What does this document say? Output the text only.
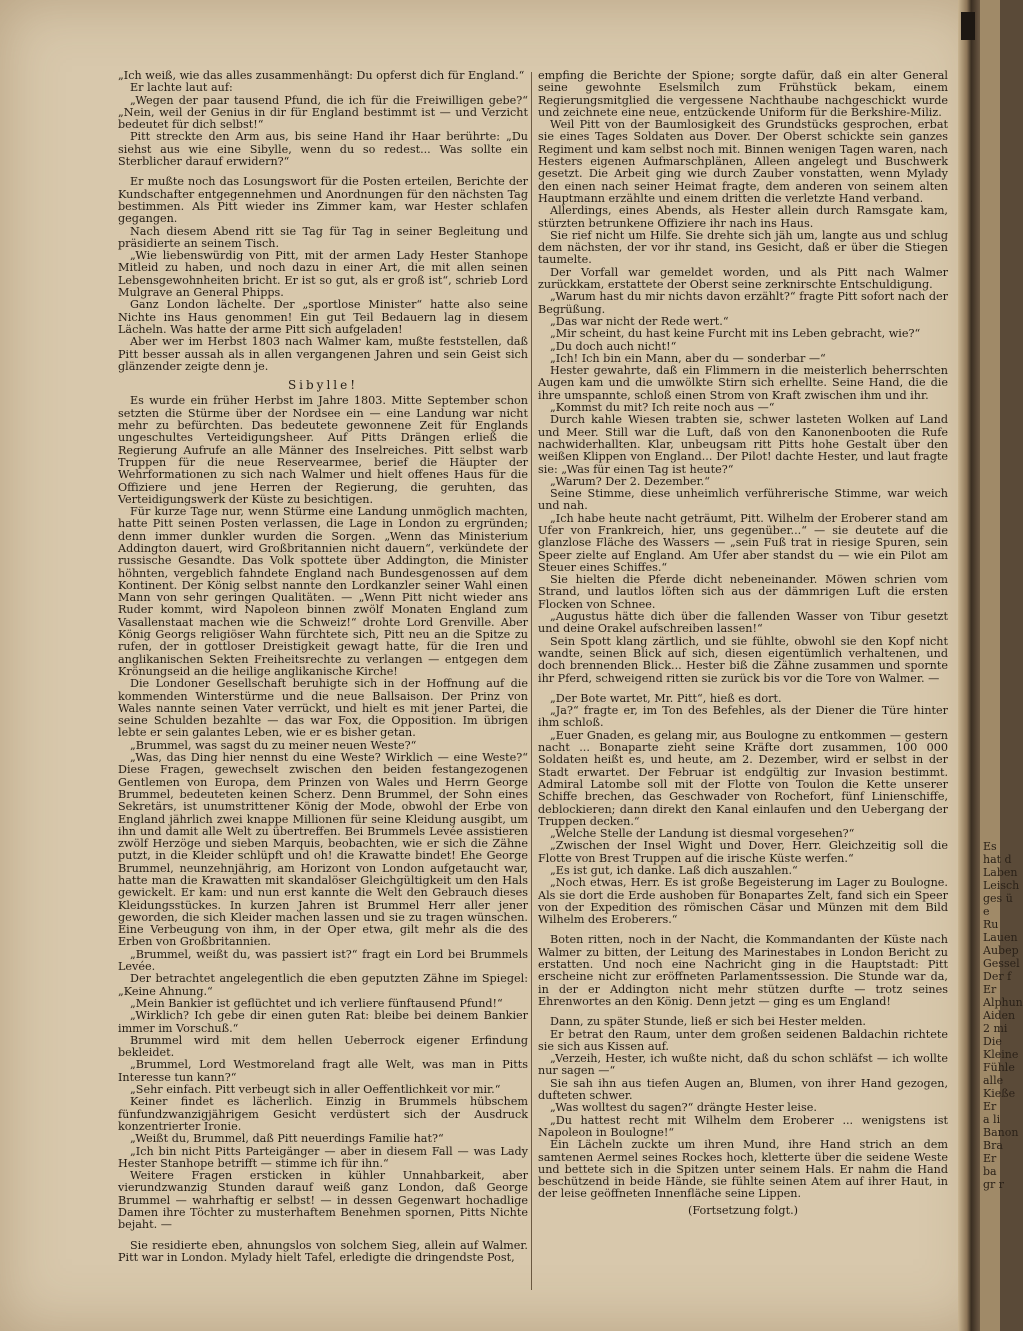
„Ich weiß, wie das alles zusammenhängt: Du opferst dich für England.“

Er lachte laut auf:

„Wegen der paar tausend Pfund, die ich für die Freiwilligen gebe?“ „Nein, weil der Genius in dir für England bestimmt ist — und Verzicht bedeutet für dich selbst!“

Pitt streckte den Arm aus, bis seine Hand ihr Haar berührte: „Du siehst aus wie eine Sibylle, wenn du so redest... Was sollte ein Sterblicher darauf erwidern?“

Er mußte noch das Losungswort für die Posten erteilen, Berichte der Kundschafter entgegennehmen und Anordnungen für den nächsten Tag bestimmen. Als Pitt wieder ins Zimmer kam, war Hester schlafen gegangen.

Nach diesem Abend ritt sie Tag für Tag in seiner Begleitung und präsidierte an seinem Tisch.

„Wie liebenswürdig von Pitt, mit der armen Lady Hester Stanhope Mitleid zu haben, und noch dazu in einer Art, die mit allen seinen Lebensgewohnheiten bricht. Er ist so gut, als er groß ist“, schrieb Lord Mulgrave an General Phipps.

Ganz London lächelte. Der „sportlose Minister“ hatte also seine Nichte ins Haus genommen! Ein gut Teil Bedauern lag in diesem Lächeln. Was hatte der arme Pitt sich aufgeladen!

Aber wer im Herbst 1803 nach Walmer kam, mußte feststellen, daß Pitt besser aussah als in allen vergangenen Jahren und sein Geist sich glänzender zeigte denn je.

Sibylle!

Es wurde ein früher Herbst im Jahre 1803. Mitte September schon setzten die Stürme über der Nordsee ein — eine Landung war nicht mehr zu befürchten. Das bedeutete gewonnene Zeit für Englands ungeschultes Verteidigungsheer. Auf Pitts Drängen erließ die Regierung Aufrufe an alle Männer des Inselreiches. Pitt selbst warb Truppen für die neue Reservearmee, berief die Häupter der Wehrformationen zu sich nach Walmer und hielt offenes Haus für die Offiziere und jene Herren der Regierung, die geruhten, das Verteidigungswerk der Küste zu besichtigen.

Für kurze Tage nur, wenn Stürme eine Landung unmöglich machten, hatte Pitt seinen Posten verlassen, die Lage in London zu ergründen; denn immer dunkler wurden die Sorgen. „Wenn das Ministerium Addington dauert, wird Großbritannien nicht dauern“, verkündete der russische Gesandte. Das Volk spottete über Addington, die Minister höhnten, vergeblich fahndete England nach Bundesgenossen auf dem Kontinent. Der König selbst nannte den Lordkanzler seiner Wahl einen Mann von sehr geringen Qualitäten. — „Wenn Pitt nicht wieder ans Ruder kommt, wird Napoleon binnen zwölf Monaten England zum Vasallenstaat machen wie die Schweiz!“ drohte Lord Grenville. Aber König Georgs religiöser Wahn fürchtete sich, Pitt neu an die Spitze zu rufen, der in gottloser Dreistigkeit gewagt hatte, für die Iren und anglikanischen Sekten Freiheitsrechte zu verlangen — entgegen dem Krönungseid an die heilige anglikanische Kirche!

Die Londoner Gesellschaft beruhigte sich in der Hoffnung auf die kommenden Winterstürme und die neue Ballsaison. Der Prinz von Wales nannte seinen Vater verrückt, und hielt es mit jener Partei, die seine Schulden bezahlte — das war Fox, die Opposition. Im übrigen lebte er sein galantes Leben, wie er es bisher getan.

„Brummel, was sagst du zu meiner neuen Weste?“

„Was, das Ding hier nennst du eine Weste? Wirklich — eine Weste?“ Diese Fragen, gewechselt zwischen den beiden festangezogenen Gentlemen von Europa, dem Prinzen von Wales und Herrn George Brummel, bedeuteten keinen Scherz. Denn Brummel, der Sohn eines Sekretärs, ist unumstrittener König der Mode, obwohl der Erbe von England jährlich zwei knappe Millionen für seine Kleidung ausgibt, um ihn und damit alle Welt zu übertreffen. Bei Brummels Levée assistieren zwölf Herzöge und sieben Marquis, beobachten, wie er sich die Zähne putzt, in die Kleider schlüpft und oh! die Krawatte bindet! Ehe George Brummel, neunzehnjährig, am Horizont von London aufgetaucht war, hatte man die Krawatten mit skandalöser Gleichgültigkeit um den Hals gewickelt. Er kam: und nun erst kannte die Welt den Gebrauch dieses Kleidungsstückes. In kurzen Jahren ist Brummel Herr aller jener geworden, die sich Kleider machen lassen und sie zu tragen wünschen. Eine Verbeugung von ihm, in der Oper etwa, gilt mehr als die des Erben von Großbritannien.

„Brummel, weißt du, was passiert ist?“ fragt ein Lord bei Brummels Levée.

Der betrachtet angelegentlich die eben geputzten Zähne im Spiegel: „Keine Ahnung.“

„Mein Bankier ist geflüchtet und ich verliere fünftausend Pfund!“

„Wirklich? Ich gebe dir einen guten Rat: bleibe bei deinem Bankier immer im Vorschuß.“

Brummel wird mit dem hellen Ueberrock eigener Erfindung bekleidet.

„Brummel, Lord Westmoreland fragt alle Welt, was man in Pitts Interesse tun kann?“

„Sehr einfach. Pitt verbeugt sich in aller Oeffentlichkeit vor mir.“

Keiner findet es lächerlich. Einzig in Brummels hübschem fünfundzwanzigjährigem Gesicht verdüstert sich der Ausdruck konzentrierter Ironie.

„Weißt du, Brummel, daß Pitt neuerdings Familie hat?“

„Ich bin nicht Pitts Parteigänger — aber in diesem Fall — was Lady Hester Stanhope betrifft — stimme ich für ihn.“

Weitere Fragen ersticken in kühler Unnahbarkeit, aber vierundzwanzig Stunden darauf weiß ganz London, daß George Brummel — wahrhaftig er selbst! — in dessen Gegenwart hochadlige Damen ihre Töchter zu musterhaftem Benehmen spornen, Pitts Nichte bejaht. —

Sie residierte eben, ahnungslos von solchem Sieg, allein auf Walmer. Pitt war in London. Mylady hielt Tafel, erledigte die dringendste Post,

empfing die Berichte der Spione; sorgte dafür, daß ein alter General seine gewohnte Eselsmilch zum Frühstück bekam, einem Regierungsmitglied die vergessene Nachthaube nachgeschickt wurde und zeichnete eine neue, entzückende Uniform für die Berkshire-Miliz.

Weil Pitt von der Baumlosigkeit des Grundstücks gesprochen, erbat sie eines Tages Soldaten aus Dover. Der Oberst schickte sein ganzes Regiment und kam selbst noch mit. Binnen wenigen Tagen waren, nach Hesters eigenen Aufmarschplänen, Alleen angelegt und Buschwerk gesetzt. Die Arbeit ging wie durch Zauber vonstatten, wenn Mylady den einen nach seiner Heimat fragte, dem anderen von seinem alten Hauptmann erzählte und einem dritten die verletzte Hand verband.

Allerdings, eines Abends, als Hester allein durch Ramsgate kam, stürzten betrunkene Offiziere ihr nach ins Haus.

Sie rief nicht um Hilfe. Sie drehte sich jäh um, langte aus und schlug dem nächsten, der vor ihr stand, ins Gesicht, daß er über die Stiegen taumelte.

Der Vorfall war gemeldet worden, und als Pitt nach Walmer zurückkam, erstattete der Oberst seine zerknirschte Entschuldigung.

„Warum hast du mir nichts davon erzählt?“ fragte Pitt sofort nach der Begrüßung.

„Das war nicht der Rede wert.“

„Mir scheint, du hast keine Furcht mit ins Leben gebracht, wie?“

„Du doch auch nicht!“

„Ich! Ich bin ein Mann, aber du — sonderbar —“

Hester gewahrte, daß ein Flimmern in die meisterlich beherrschten Augen kam und die umwölkte Stirn sich erhellte. Seine Hand, die die ihre umspannte, schloß einen Strom von Kraft zwischen ihm und ihr.

„Kommst du mit? Ich reite noch aus —“

Durch kahle Wiesen trabten sie, schwer lasteten Wolken auf Land und Meer. Still war die Luft, daß von den Kanonenbooten die Rufe nachwiderhallten. Klar, unbeugsam ritt Pitts hohe Gestalt über den weißen Klippen von England... Der Pilot! dachte Hester, und laut fragte sie: „Was für einen Tag ist heute?“

„Warum? Der 2. Dezember.“

Seine Stimme, diese unheimlich verführerische Stimme, war weich und nah.

„Ich habe heute nacht geträumt, Pitt. Wilhelm der Eroberer stand am Ufer von Frankreich, hier, uns gegenüber...“ — sie deutete auf die glanzlose Fläche des Wassers — „sein Fuß trat in riesige Spuren, sein Speer zielte auf England. Am Ufer aber standst du — wie ein Pilot am Steuer eines Schiffes.“

Sie hielten die Pferde dicht nebeneinander. Möwen schrien vom Strand, und lautlos löften sich aus der dämmrigen Luft die ersten Flocken von Schnee.

„Augustus hätte dich über die fallenden Wasser von Tibur gesetzt und deine Orakel aufschreiben lassen!“

Sein Spott klang zärtlich, und sie fühlte, obwohl sie den Kopf nicht wandte, seinen Blick auf sich, diesen eigentümlich verhaltenen, und doch brennenden Blick... Hester biß die Zähne zusammen und spornte ihr Pferd, schweigend ritten sie zurück bis vor die Tore von Walmer. —

„Der Bote wartet, Mr. Pitt“, hieß es dort.

„Ja?“ fragte er, im Ton des Befehles, als der Diener die Türe hinter ihm schloß.

„Euer Gnaden, es gelang mir, aus Boulogne zu entkommen — gestern nacht ... Bonaparte zieht seine Kräfte dort zusammen, 100 000 Soldaten heißt es, und heute, am 2. Dezember, wird er selbst in der Stadt erwartet. Der Februar ist endgültig zur Invasion bestimmt. Admiral Latombe soll mit der Flotte von Toulon die Kette unserer Schiffe brechen, das Geschwader von Rochefort, fünf Linienschiffe, deblockieren; dann direkt den Kanal einlaufen und den Uebergang der Truppen decken.“

„Welche Stelle der Landung ist diesmal vorgesehen?“

„Zwischen der Insel Wight und Dover, Herr. Gleichzeitig soll die Flotte von Brest Truppen auf die irische Küste werfen.“

„Es ist gut, ich danke. Laß dich auszahlen.“

„Noch etwas, Herr. Es ist große Begeisterung im Lager zu Boulogne. Als sie dort die Erde aushoben für Bonapartes Zelt, fand sich ein Speer von der Expedition des römischen Cäsar und Münzen mit dem Bild Wilhelm des Eroberers.“

Boten ritten, noch in der Nacht, die Kommandanten der Küste nach Walmer zu bitten, der Leitung des Marinestabes in London Bericht zu erstatten. Und noch eine Nachricht ging in die Hauptstadt: Pitt erscheine nicht zur eröffneten Parlamentssession. Die Stunde war da, in der er Addington nicht mehr stützen durfte — trotz seines Ehrenwortes an den König. Denn jetzt — ging es um England!

Dann, zu später Stunde, ließ er sich bei Hester melden.

Er betrat den Raum, unter dem großen seidenen Baldachin richtete sie sich aus Kissen auf.

„Verzeih, Hester, ich wußte nicht, daß du schon schläfst — ich wollte nur sagen —“

Sie sah ihn aus tiefen Augen an, Blumen, von ihrer Hand gezogen, dufteten schwer.

„Was wolltest du sagen?“ drängte Hester leise.

„Du hattest recht mit Wilhelm dem Eroberer ... wenigstens ist Napoleon in Boulogne!“

Ein Lächeln zuckte um ihren Mund, ihre Hand strich an dem samtenen Aermel seines Rockes hoch, kletterte über die seidene Weste und bettete sich in die Spitzen unter seinem Hals. Er nahm die Hand beschützend in beide Hände, sie fühlte seinen Atem auf ihrer Haut, in der leise geöffneten Innenfläche seine Lippen.

(Fortsetzung folgt.)

Es
hat d
Laben
Leisch
ges ü
e
Ru
Lauen
Aubep
Gessel
Der f
Er
Alphun
Aiden
2 mi
Die
Kleine
Fühle
alle
Kieße
Er
a li
Banon
Bra
Er
ba
gr r
